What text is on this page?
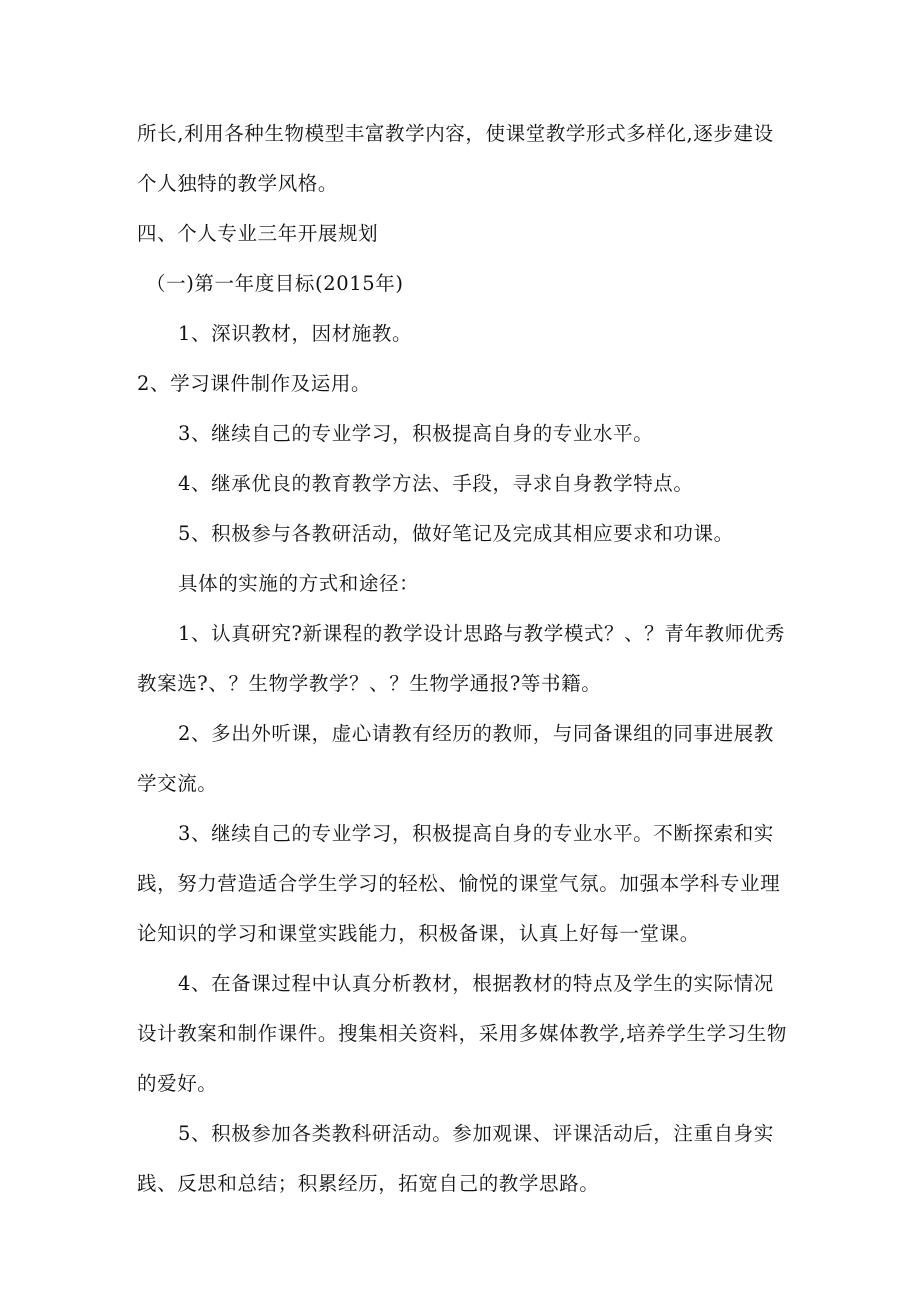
所长,利用各种生物模型丰富教学内容，使课堂教学形式多样化,逐步建设
个人独特的教学风格。
四、个人专业三年开展规划
（一)第一年度目标(2015年)
1、深识教材，因材施教。
2、学习课件制作及运用。
3、继续自己的专业学习，积极提高自身的专业水平。
4、继承优良的教育教学方法、手段，寻求自身教学特点。
5、积极参与各教研活动，做好笔记及完成其相应要求和功课。
具体的实施的方式和途径：
1、认真研究?新课程的教学设计思路与教学模式？、？青年教师优秀
教案选?、？生物学教学？、？生物学通报?等书籍。
2、多出外听课，虚心请教有经历的教师，与同备课组的同事进展教
学交流。
3、继续自己的专业学习，积极提高自身的专业水平。不断探索和实
践，努力营造适合学生学习的轻松、愉悦的课堂气氛。加强本学科专业理
论知识的学习和课堂实践能力，积极备课，认真上好每一堂课。
4、在备课过程中认真分析教材，根据教材的特点及学生的实际情况
设计教案和制作课件。搜集相关资料，采用多媒体教学,培养学生学习生物
的爱好。
5、积极参加各类教科研活动。参加观课、评课活动后，注重自身实
践、反思和总结；积累经历，拓宽自己的教学思路。
